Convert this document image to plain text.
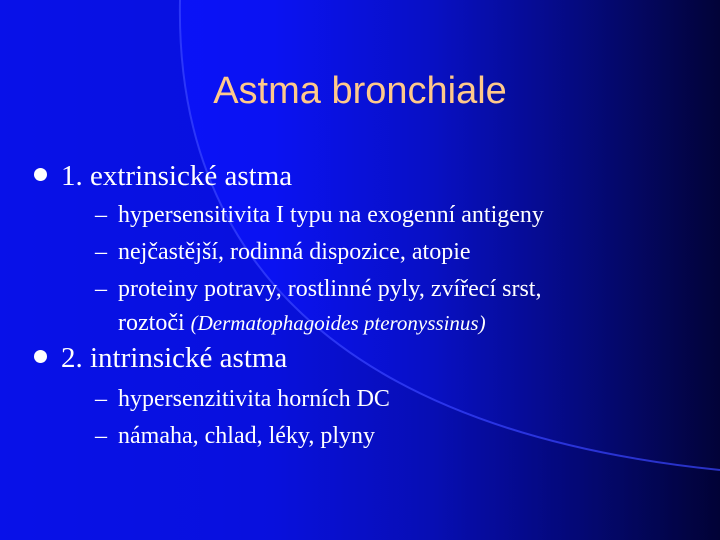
Astma bronchiale
1. extrinsické astma
– hypersensitivita I typu na exogenní antigeny
– nejčastější, rodinná dispozice, atopie
– proteiny potravy, rostlinné pyly, zvířecí srst,
roztoči (Dermatophagoides pteronyssinus)
2. intrinsické astma
– hypersenzitivita horních DC
– námaha, chlad, léky, plyny
